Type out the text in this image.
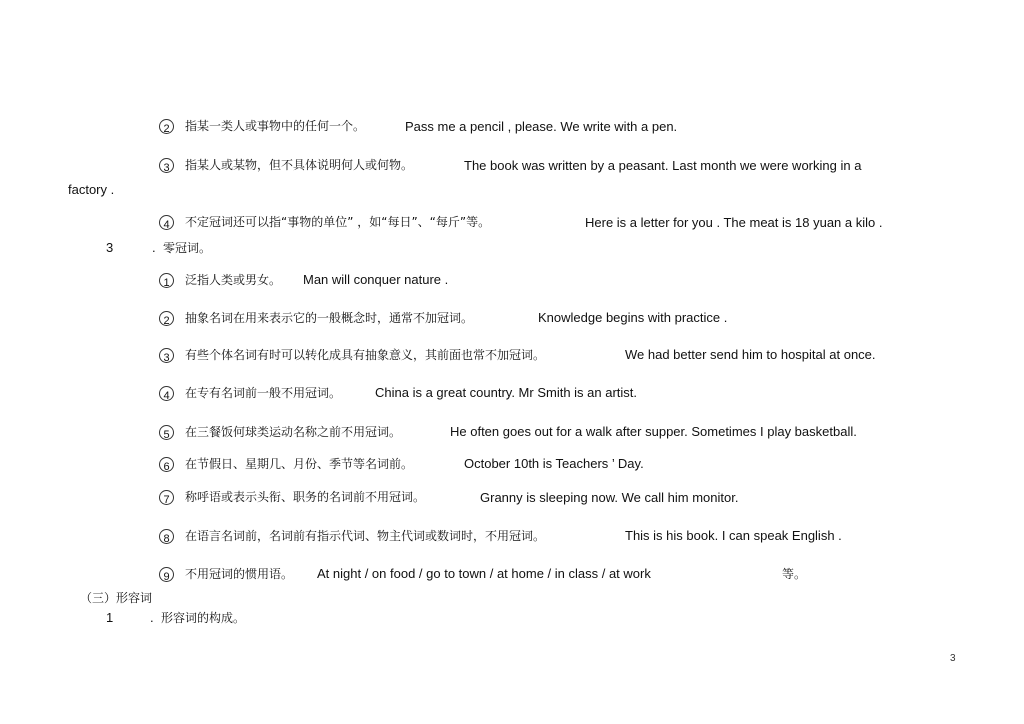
2	指某一类人或事物中的任何一个。	Pass me a pencil , please. We write with a pen.
3	指某人或某物，但不具体说明何人或何物。	The book was written by a peasant. Last month we were working in a
factory .
4	不定冠词还可以指“事物的单位” ，如“每日”、“每斤”等。	Here is a letter for you . The meat is 18 yuan a kilo .
3	. 零冠词。
1	泛指人类或男女。 Man will conquer nature .
2	抽象名词在用来表示它的一般概念时，通常不加冠词。	Knowledge begins with practice .
3	有些个体名词有时可以转化成具有抽象意义，其前面也常不加冠词。	We had better send him to hospital at once.
4	在专有名词前一般不用冠词。	China is a great country. Mr Smith is an artist.
5	在三餐饭何球类运动名称之前不用冠词。	He often goes out for a walk after supper. Sometimes I play basketball.
6	在节假日、星期几、月份、季节等名词前。	October 10th is Teachers ’ Day.
7	称呼语或表示头衔、职务的名词前不用冠词。	Granny is sleeping now. We call him monitor.
8	在语言名词前，名词前有指示代词、物主代词或数词时，不用冠词。	This is his book. I can speak English .
9	不用冠词的惯用语。 At night / on food / go to town / at home / in class / at work	等。
（三）形容词
1	. 形容词的构成。
3
